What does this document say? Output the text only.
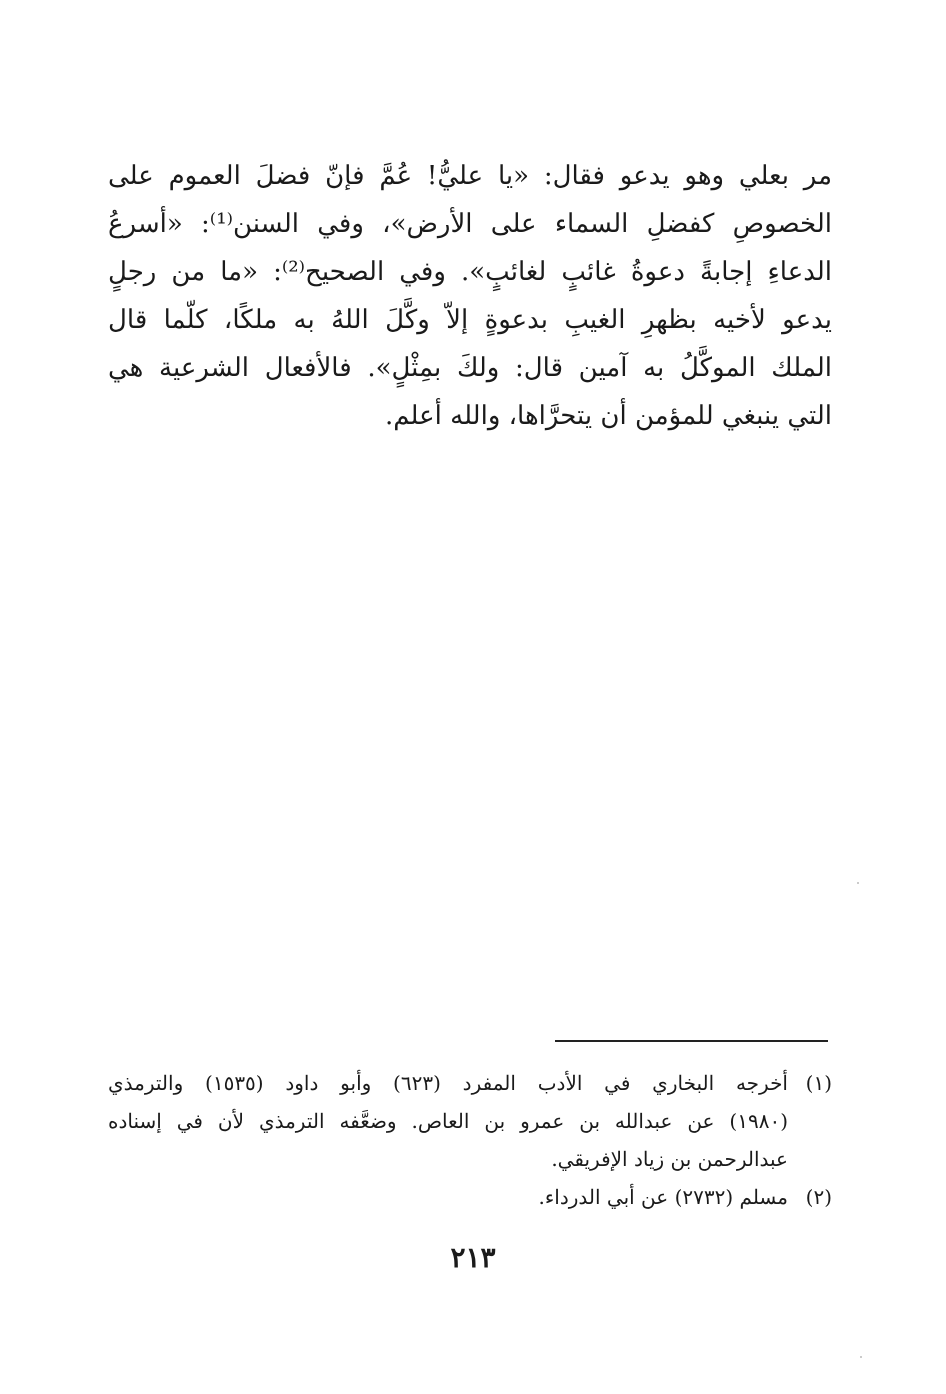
مر بعلي وهو يدعو فقال: «يا عليُّ! عُمَّ فإنّ فضلَ العموم على
الخصوصِ كفضلِ السماء على الأرض»، وفي السنن⁽¹⁾: «أسرعُ
الدعاءِ إجابةً دعوةُ غائبٍ لغائبٍ». وفي الصحيح⁽²⁾: «ما من رجلٍ
يدعو لأخيه بظهرِ الغيبِ بدعوةٍ إلاّ وكَّلَ اللهُ به ملكًا، كلّما قال
الملك الموكَّلُ به آمين قال: ولكَ بمِثْلٍ». فالأفعال الشرعية هي
التي ينبغي للمؤمن أن يتحرَّاها، والله أعلم.
(١)
أخرجه البخاري في الأدب المفرد (٦٢٣) وأبو داود (١٥٣٥) والترمذي
(١٩٨٠) عن عبدالله بن عمرو بن العاص. وضعَّفه الترمذي لأن في إسناده
عبدالرحمن بن زياد الإفريقي.
(٢)
مسلم (٢٧٣٢) عن أبي الدرداء.
٢١٣
